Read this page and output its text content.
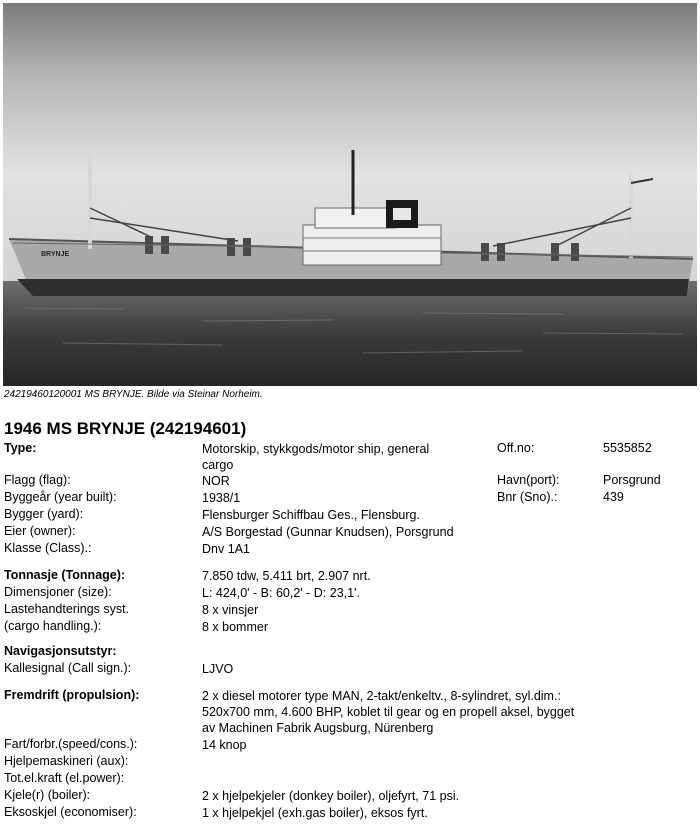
BRYNJE
24219460120001 MS BRYNJE. Bilde via Steinar Norheim.
1946 MS BRYNJE (242194601)
Type:	Motorskip, stykkgods/motor ship, general
cargo
Off.no:	5535852
Flagg (flag):	NOR	Havn(port):	Porsgrund
Byggeår (year built):	1938/1	Bnr (Sno).:	439
Bygger (yard):	Flensburger Schiffbau Ges., Flensburg.
Eier (owner):	A/S Borgestad (Gunnar Knudsen), Porsgrund
Klasse (Class).:	Dnv 1A1
Tonnasje (Tonnage):	7.850 tdw, 5.411 brt, 2.907 nrt.
Dimensjoner (size):	L: 424,0' - B: 60,2' - D: 23,1'.
Lastehandterings syst.	8 x vinsjer
(cargo handling.):	8 x bommer
Navigasjonsutstyr:
Kallesignal (Call sign.):	LJVO
Fremdrift (propulsion):	2 x diesel motorer type MAN, 2-takt/enkeltv., 8-sylindret, syl.dim.:
520x700 mm, 4.600 BHP, koblet til gear og en propell aksel, bygget
av Machinen Fabrik Augsburg, Nürenberg
Fart/forbr.(speed/cons.):	14 knop
Hjelpemaskineri (aux):
Tot.el.kraft (el.power):
Kjele(r) (boiler):	2 x hjelpekjeler (donkey boiler), oljefyrt, 71 psi.
Eksoskjel (economiser):	1 x hjelpekjel (exh.gas boiler), eksos fyrt.
